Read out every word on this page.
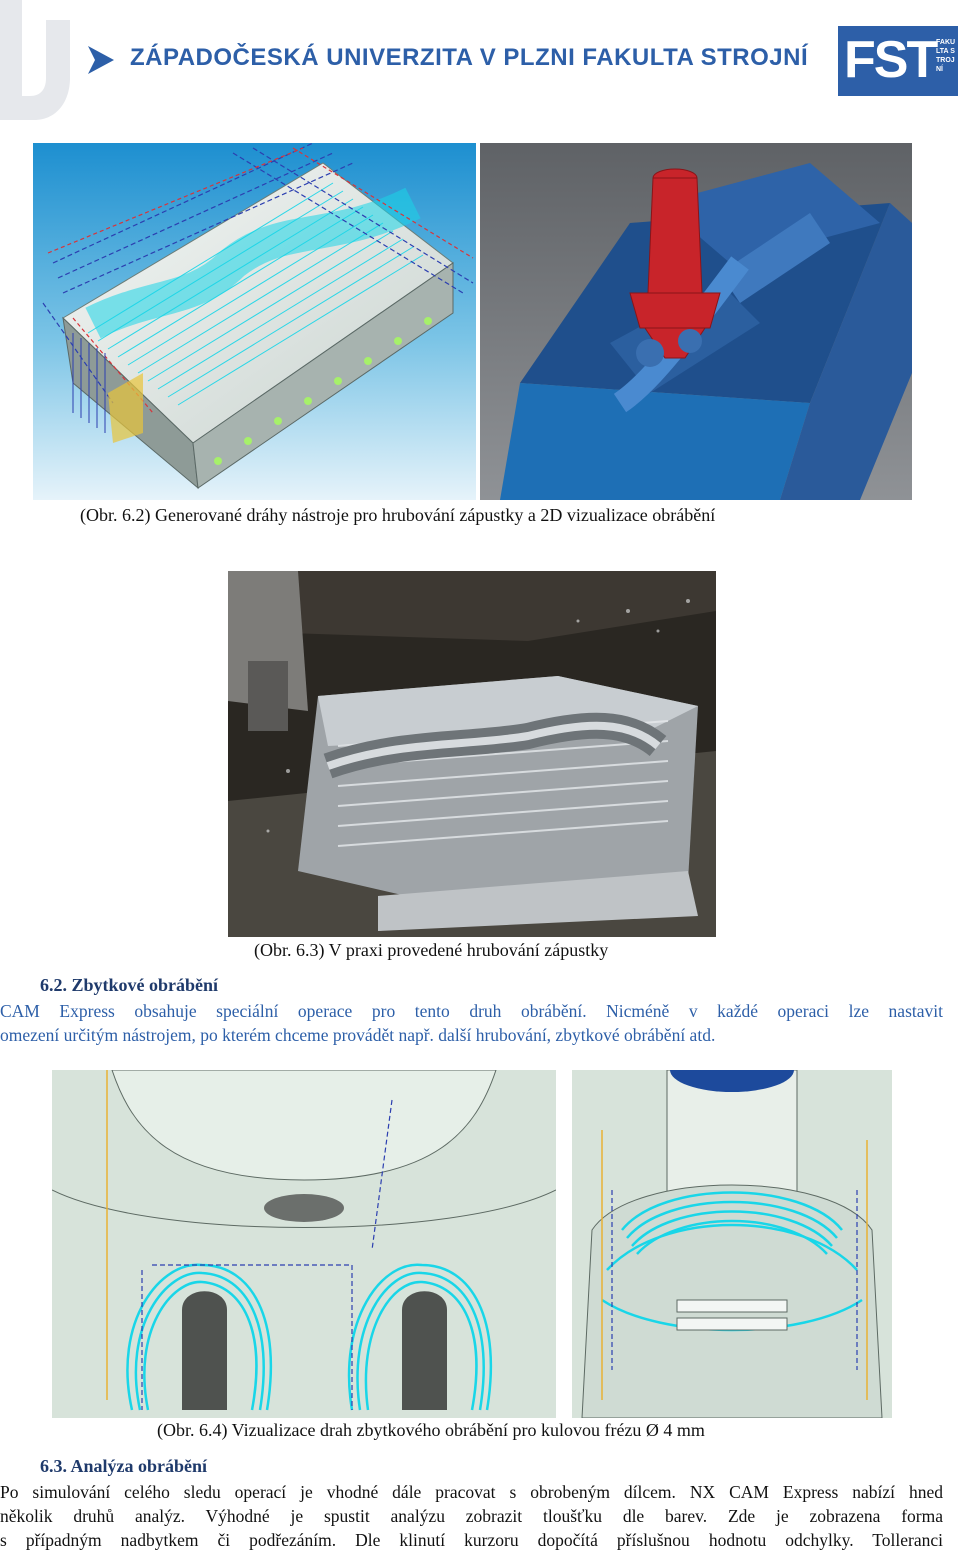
ZÁPADOČESKÁ UNIVERZITA V PLZNI FAKULTA STROJNÍ FST FAKULTA STROJNÍ
(Obr. 6.2) Generované dráhy nástroje pro hrubování zápustky a 2D vizualizace obrábění
(Obr. 6.3) V praxi provedené hrubování zápustky
6.2. Zbytkové obrábění
CAM Express obsahuje speciální operace pro tento druh obrábění. Nicméně v každé operaci lze nastavit
omezení určitým nástrojem, po kterém chceme provádět např. další hrubování, zbytkové obrábění atd.
(Obr. 6.4) Vizualizace drah zbytkového obrábění pro kulovou frézu Ø 4 mm
6.3. Analýza obrábění
Po simulování celého sledu operací je vhodné dále pracovat s obrobeným dílcem. NX CAM Express nabízí hned
několik druhů analýz. Výhodné je spustit analýzu zobrazit tloušťku dle barev. Zde je zobrazena forma
s případným nadbytkem či podřezáním. Dle klinutí kurzoru dopočítá příslušnou hodnotu odchylky. Tolleranci
